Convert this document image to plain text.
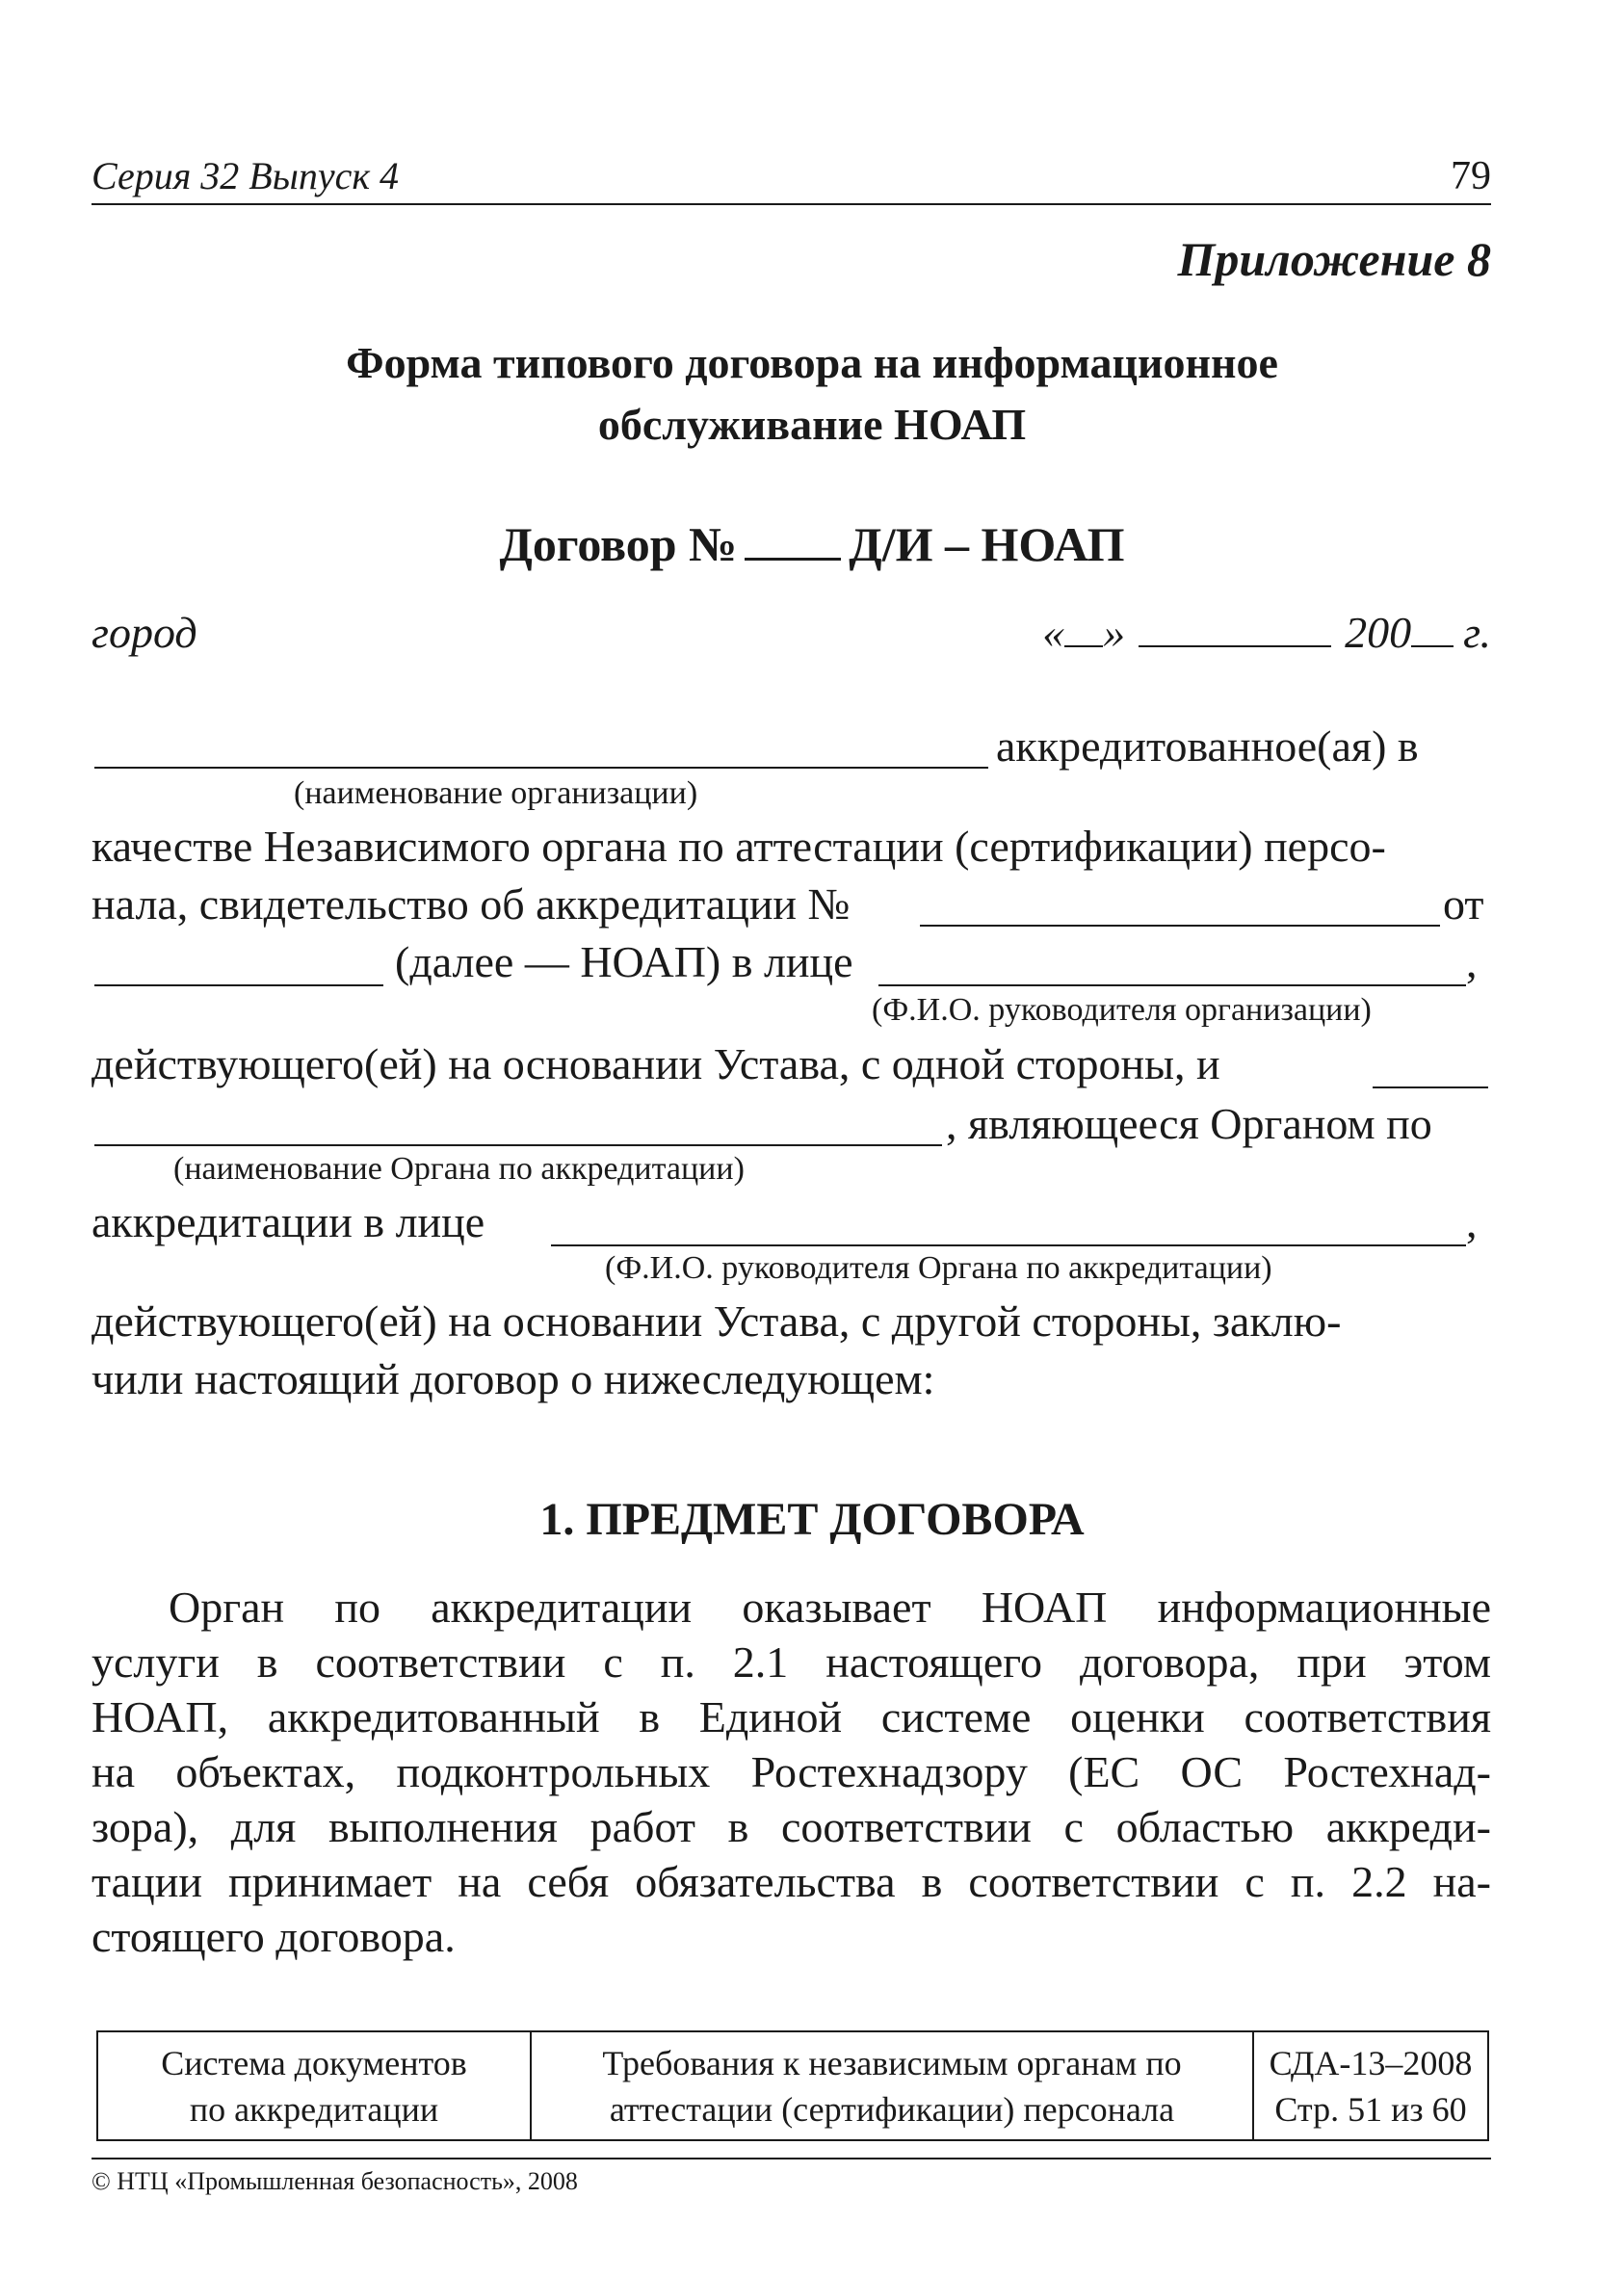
Серия 32 Выпуск 4	79
Приложение 8
Форма типового договора на информационное
обслуживание НОАП
Договор № Д/И – НОАП
город	« »	200 г.
аккредитованное(ая) в
(наименование организации)
качестве Независимого органа по аттестации (сертификации) персо-
нала, свидетельство об аккредитации №	от
(далее — НОАП) в лице	,
(Ф.И.О. руководителя организации)
действующего(ей) на основании Устава, с одной стороны, и
, являющееся Органом по
(наименование Органа по аккредитации)
аккредитации в лице	,
(Ф.И.О. руководителя Органа по аккредитации)
действующего(ей) на основании Устава, с другой стороны, заклю-
чили настоящий договор о нижеследующем:
1. ПРЕДМЕТ ДОГОВОРА
Орган по аккредитации оказывает НОАП информационные
услуги в соответствии с п. 2.1 настоящего договора, при этом
НОАП, аккредитованный в Единой системе оценки соответствия
на объектах, подконтрольных Ростехнадзору (ЕС ОС Ростехнад-
зора), для выполнения работ в соответствии с областью аккреди-
тации принимает на себя обязательства в соответствии с п. 2.2 на-
стоящего договора.
Система документов
по аккредитации

Требования к независимым органам по
аттестации (сертификации) персонала

СДА-13–2008
Стр. 51 из 60
© НТЦ «Промышленная безопасность», 2008
